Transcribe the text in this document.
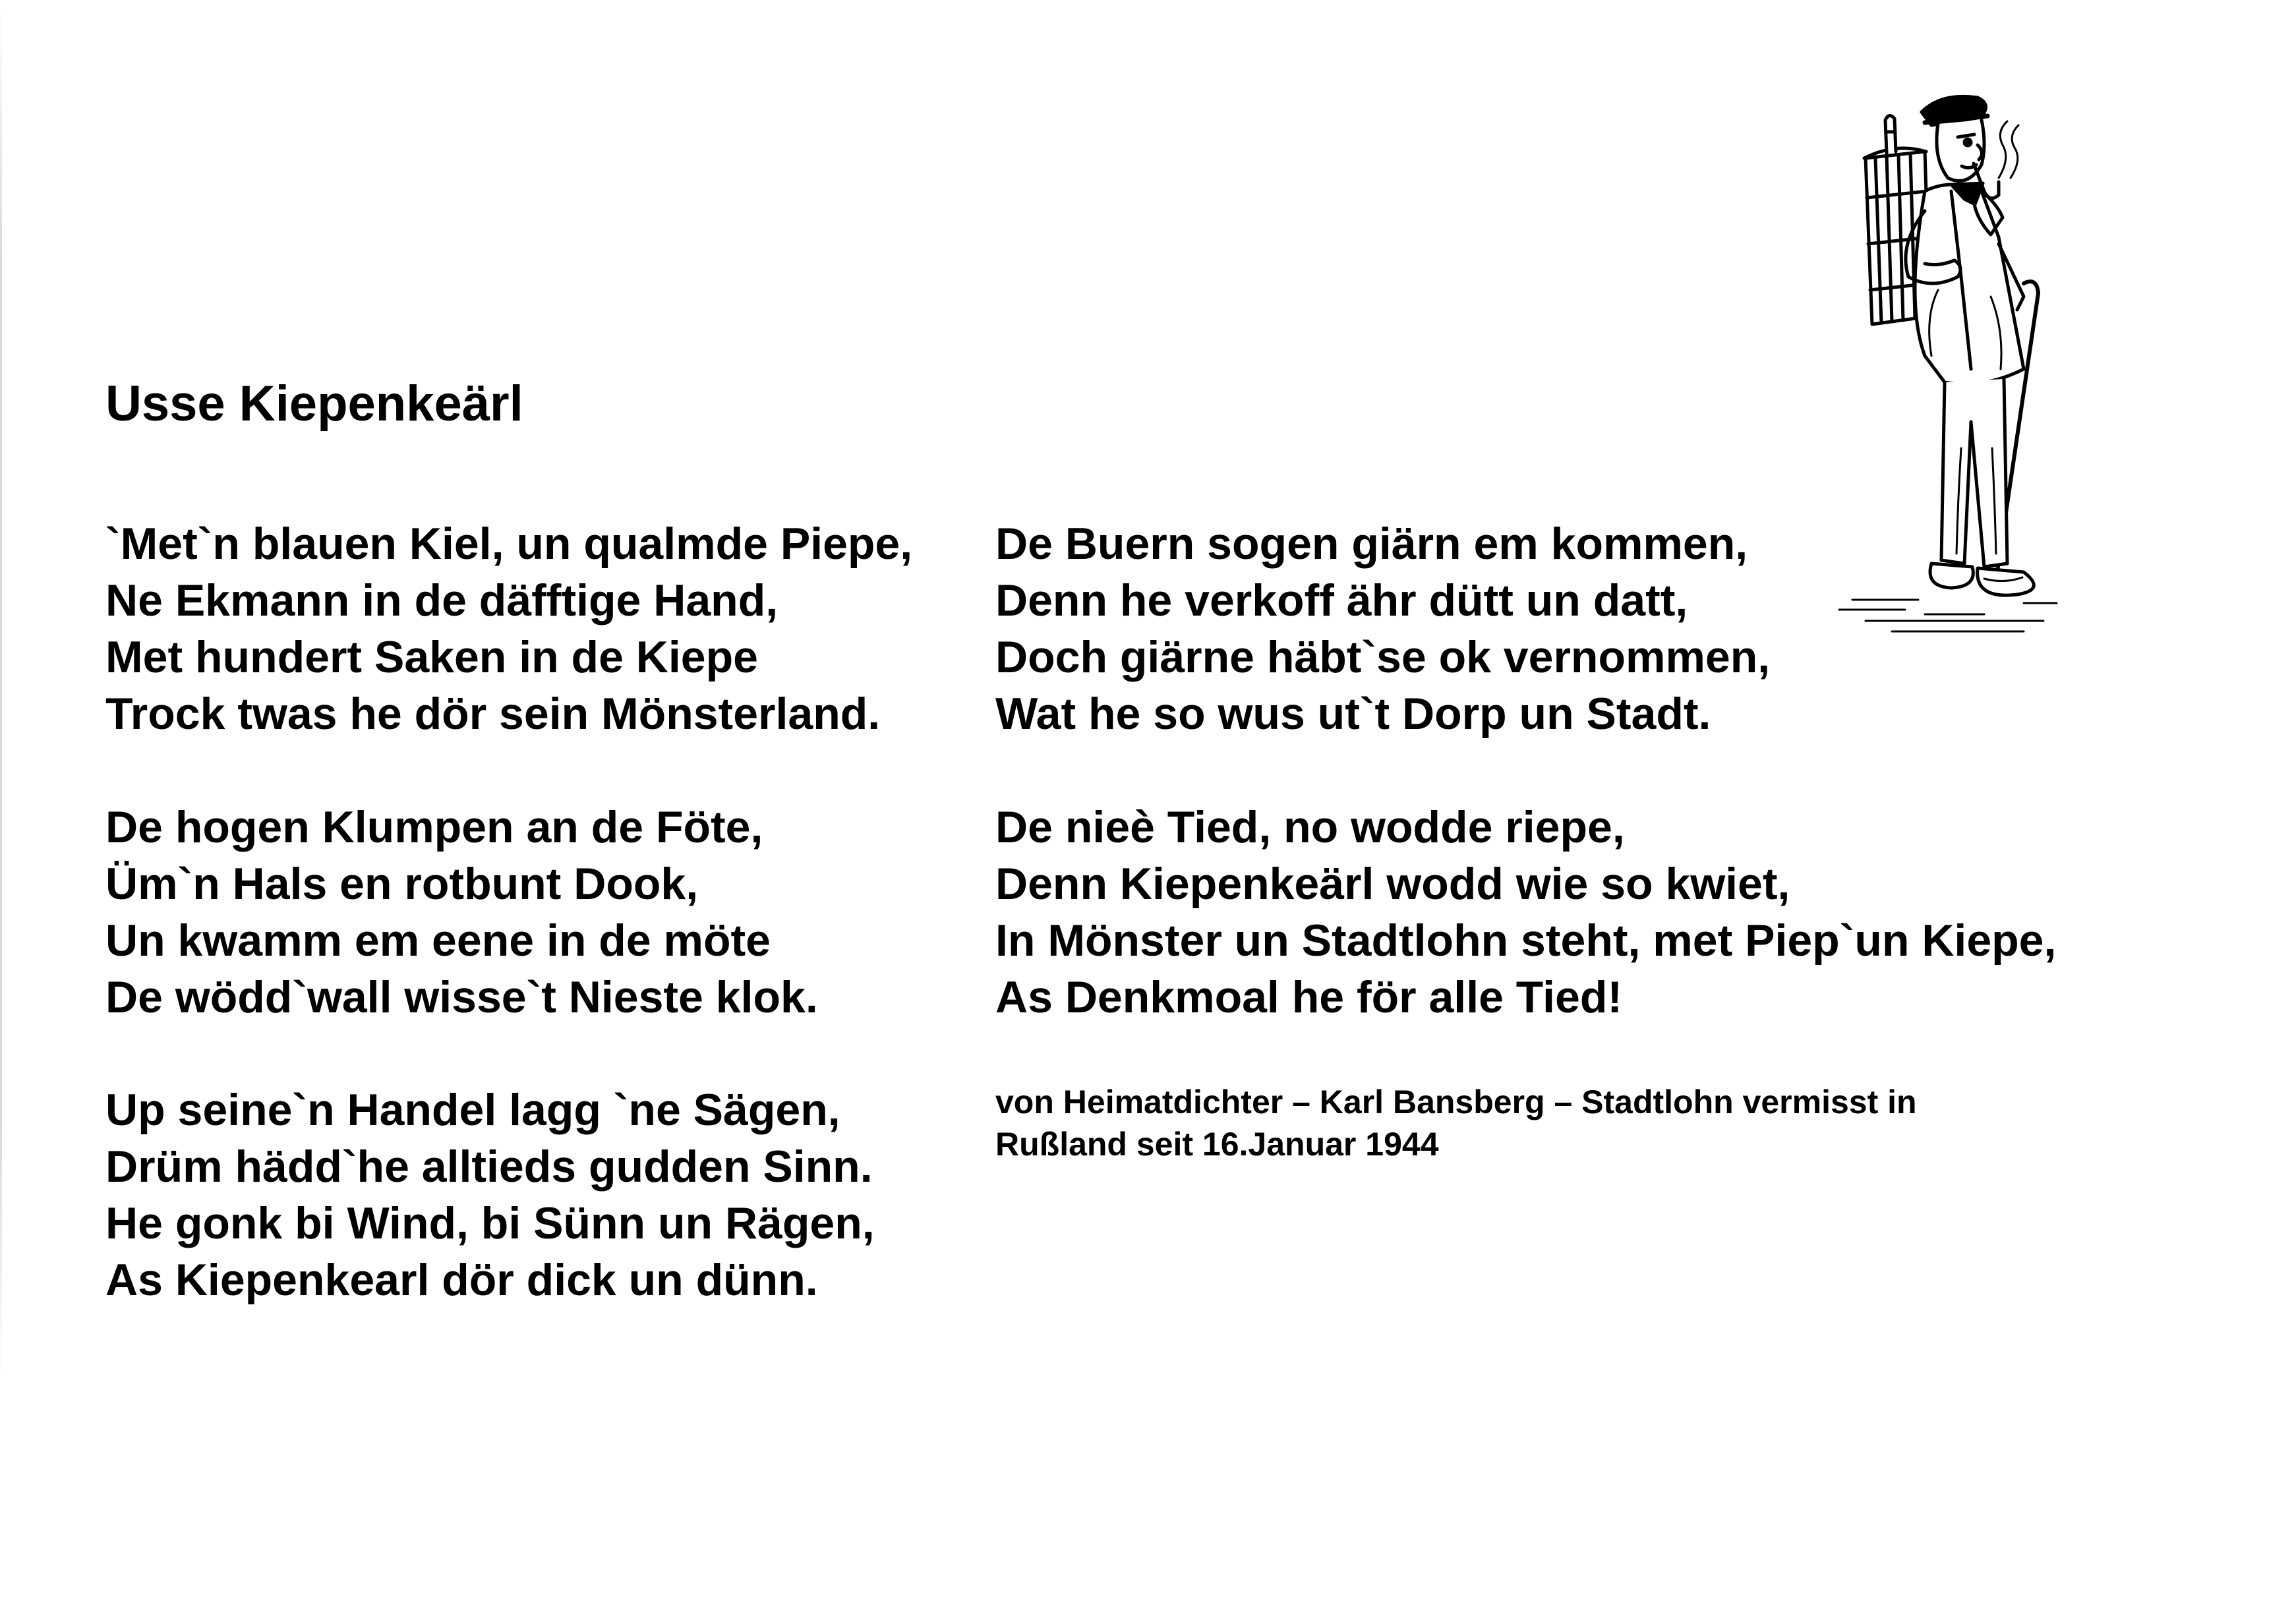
Usse Kiepenkeärl
`Met`n blauen Kiel, un qualmde Piepe,
Ne Ekmann in de däfftige Hand,
Met hundert Saken in de Kiepe
Trock twas he dör sein Mönsterland.
De hogen Klumpen an de Föte,
Üm`n Hals en rotbunt Dook,
Un kwamm em eene in de möte
De wödd`wall wisse`t Nieste klok.
Up seine`n Handel lagg `ne Sägen,
Drüm hädd`he alltieds gudden Sinn.
He gonk bi Wind, bi Sünn un Rägen,
As Kiepenkearl dör dick un dünn.
De Buern sogen giärn em kommen,
Denn he verkoff ähr dütt un datt,
Doch giärne häbt`se ok vernommen,
Wat he so wus ut`t Dorp un Stadt.
De nieè Tied, no wodde riepe,
Denn Kiepenkeärl wodd wie so kwiet,
In Mönster un Stadtlohn steht, met Piep`un Kiepe,
As Denkmoal he för alle Tied!
von Heimatdichter – Karl Bansberg – Stadtlohn vermisst in
Rußland seit 16.Januar 1944
